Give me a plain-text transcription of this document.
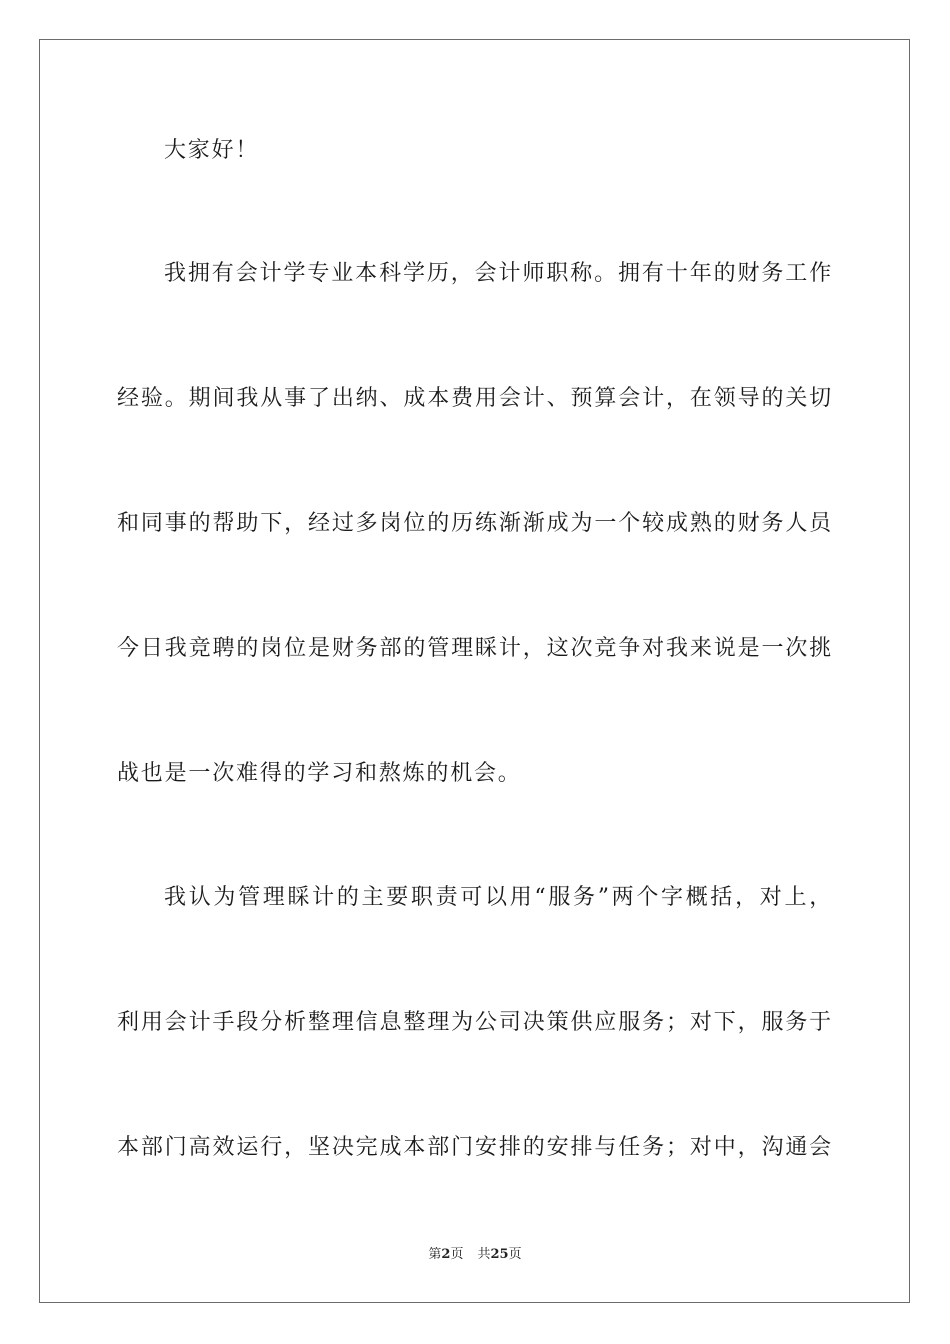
大家好！
我拥有会计学专业本科学历，会计师职称。拥有十年的财务工作
经验。期间我从事了出纳、成本费用会计、预算会计，在领导的关切
和同事的帮助下，经过多岗位的历练渐渐成为一个较成熟的财务人员
今日我竞聘的岗位是财务部的管理睬计，这次竞争对我来说是一次挑
战也是一次难得的学习和熬炼的机会。
我认为管理睬计的主要职责可以用“服务”两个字概括，对上，
利用会计手段分析整理信息整理为公司决策供应服务；对下，服务于
本部门高效运行，坚决完成本部门安排的安排与任务；对中，沟通会
第2页 共25页
